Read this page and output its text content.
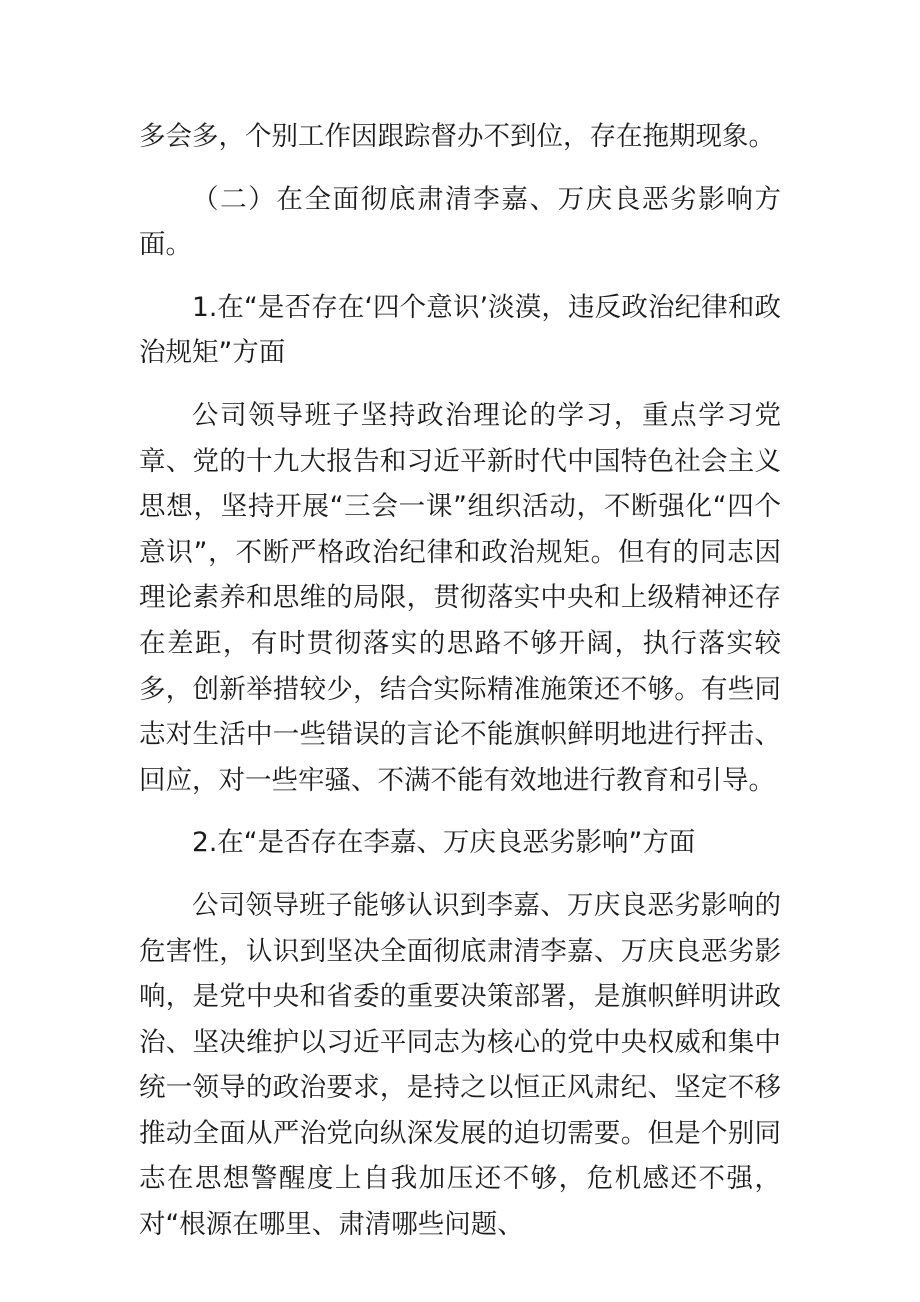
多会多，个别工作因跟踪督办不到位，存在拖期现象。

（二）在全面彻底肃清李嘉、万庆良恶劣影响方面。

1.在“是否存在‘四个意识’淡漠，违反政治纪律和政治规矩”方面

公司领导班子坚持政治理论的学习，重点学习党章、党的十九大报告和习近平新时代中国特色社会主义思想，坚持开展“三会一课”组织活动，不断强化“四个意识”，不断严格政治纪律和政治规矩。但有的同志因理论素养和思维的局限，贯彻落实中央和上级精神还存在差距，有时贯彻落实的思路不够开阔，执行落实较多，创新举措较少，结合实际精准施策还不够。有些同志对生活中一些错误的言论不能旗帜鲜明地进行抨击、回应，对一些牢骚、不满不能有效地进行教育和引导。

2.在“是否存在李嘉、万庆良恶劣影响”方面

公司领导班子能够认识到李嘉、万庆良恶劣影响的危害性，认识到坚决全面彻底肃清李嘉、万庆良恶劣影响，是党中央和省委的重要决策部署，是旗帜鲜明讲政治、坚决维护以习近平同志为核心的党中央权威和集中统一领导的政治要求，是持之以恒正风肃纪、坚定不移推动全面从严治党向纵深发展的迫切需要。但是个别同志在思想警醒度上自我加压还不够，危机感还不强，对“根源在哪里、肃清哪些问题、
